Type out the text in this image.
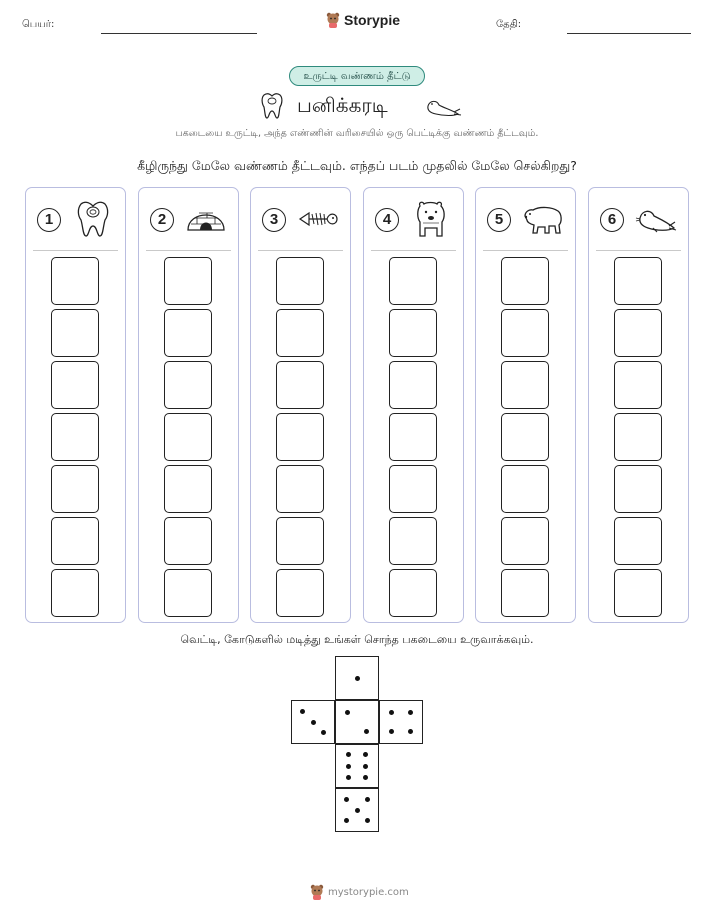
பெயர்:	Storypie	தேதி:
உருட்டி வண்ணம் தீட்டு
பனிக்கரடி
பகடையை உருட்டி, அந்த எண்ணின் வரிசையில் ஒரு பெட்டிக்கு வண்ணம் தீட்டவும்.
கீழிருந்து மேலே வண்ணம் தீட்டவும். எந்தப் படம் முதலில் மேலே செல்கிறது?
1	2	3	4	5	6
வெட்டி, கோடுகளில் மடித்து உங்கள் சொந்த பகடையை உருவாக்கவும்.
mystorypie.com
